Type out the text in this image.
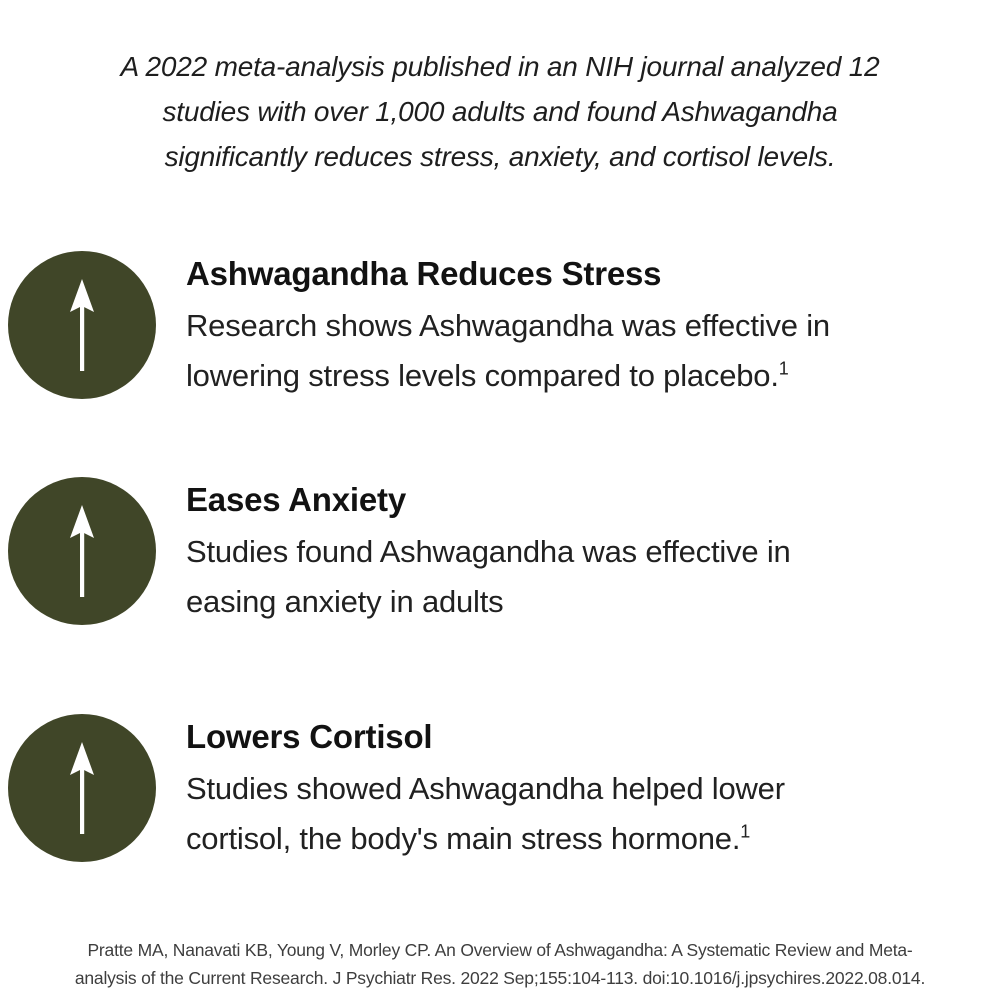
A 2022 meta-analysis published in an NIH journal analyzed 12
studies with over 1,000 adults and found Ashwagandha
significantly reduces stress, anxiety, and cortisol levels.
Ashwagandha Reduces Stress
Research shows Ashwagandha was effective in
lowering stress levels compared to placebo.$^1$
Eases Anxiety
Studies found Ashwagandha was effective in
easing anxiety in adults
Lowers Cortisol
Studies showed Ashwagandha helped lower
cortisol, the body's main stress hormone.$^1$
Pratte MA, Nanavati KB, Young V, Morley CP. An Overview of Ashwagandha: A Systematic Review and Meta-
analysis of the Current Research. J Psychiatr Res. 2022 Sep;155:104-113. doi:10.1016/j.jpsychires.2022.08.014.
